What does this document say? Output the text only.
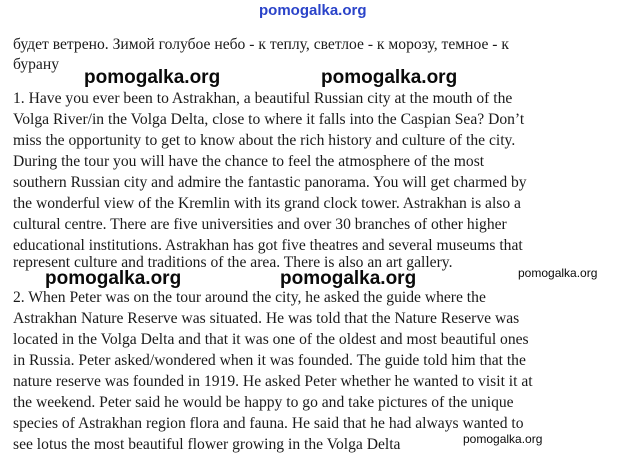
pomogalka.org
будет ветрено. Зимой голубое небо - к теплу, светлое - к морозу, темное - к
бурану
pomogalka.org	pomogalka.org
1. Have you ever been to Astrakhan, a beautiful Russian city at the mouth of the
Volga River/in the Volga Delta, close to where it falls into the Caspian Sea? Don’t
miss the opportunity to get to know about the rich history and culture of the city.
During the tour you will have the chance to feel the atmosphere of the most
southern Russian city and admire the fantastic panorama. You will get charmed by
the wonderful view of the Kremlin with its grand clock tower. Astrakhan is also a
cultural centre. There are five universities and over 30 branches of other higher
educational institutions. Astrakhan has got five theatres and several museums that
represent culture and traditions of the area. There is also an art gallery.
pomogalka.org	pomogalka.org	pomogalka.org
2. When Peter was on the tour around the city, he asked the guide where the
Astrakhan Nature Reserve was situated. He was told that the Nature Reserve was
located in the Volga Delta and that it was one of the oldest and most beautiful ones
in Russia. Peter asked/wondered when it was founded. The guide told him that the
nature reserve was founded in 1919. He asked Peter whether he wanted to visit it at
the weekend. Peter said he would be happy to go and take pictures of the unique
species of Astrakhan region flora and fauna. He said that he had always wanted to
see lotus the most beautiful flower growing in the Volga Delta	pomogalka.org
